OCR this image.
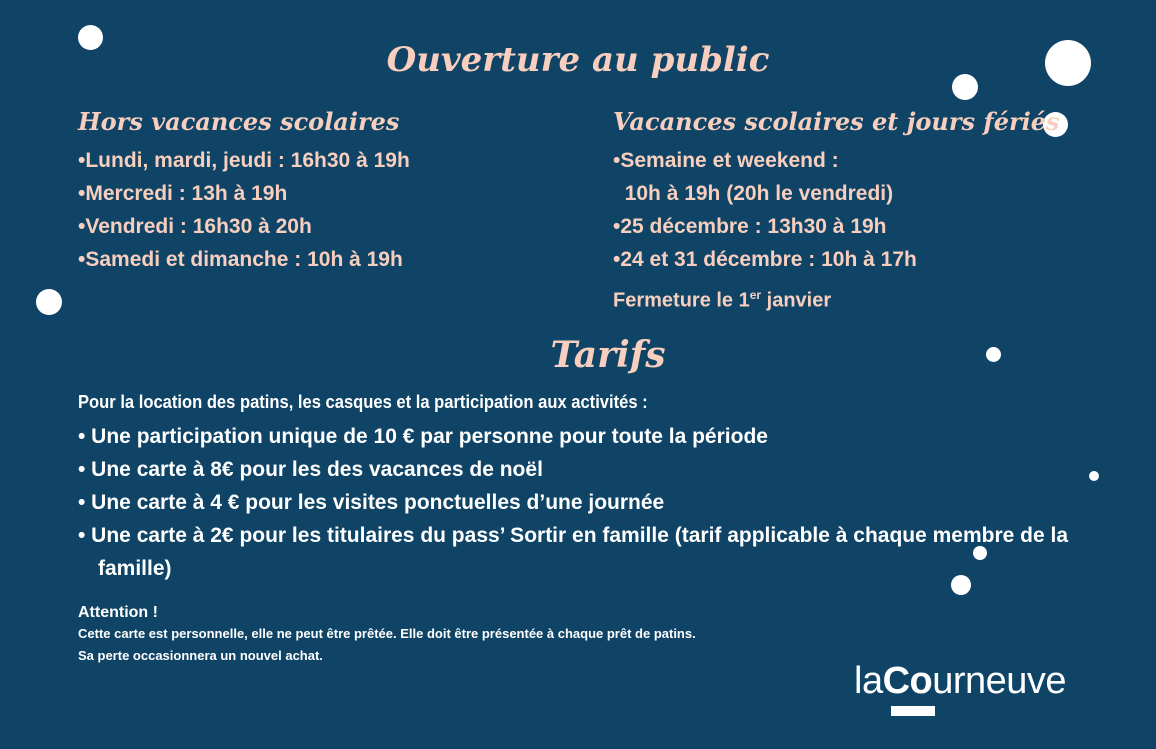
Ouverture au public
Hors vacances scolaires
•Lundi, mardi, jeudi : 16h30 à 19h
•Mercredi : 13h à 19h
•Vendredi : 16h30 à 20h
•Samedi et dimanche : 10h à 19h
Vacances scolaires et jours fériés
•Semaine et weekend :
10h à 19h (20h le vendredi)
•25 décembre : 13h30 à 19h
•24 et 31 décembre : 10h à 17h

Fermeture le 1er janvier

Tarifs

Pour la location des patins, les casques et la participation aux activités :

• Une participation unique de 10 € par personne pour toute la période
• Une carte à 8€ pour les des vacances de noël
• Une carte à 4 € pour les visites ponctuelles d’une journée
• Une carte à 2€ pour les titulaires du pass’ Sortir en famille (tarif applicable à chaque membre de la famille)
Attention !
Cette carte est personnelle, elle ne peut être prêtée. Elle doit être présentée à chaque prêt de patins.
Sa perte occasionnera un nouvel achat.
laCourneuve
